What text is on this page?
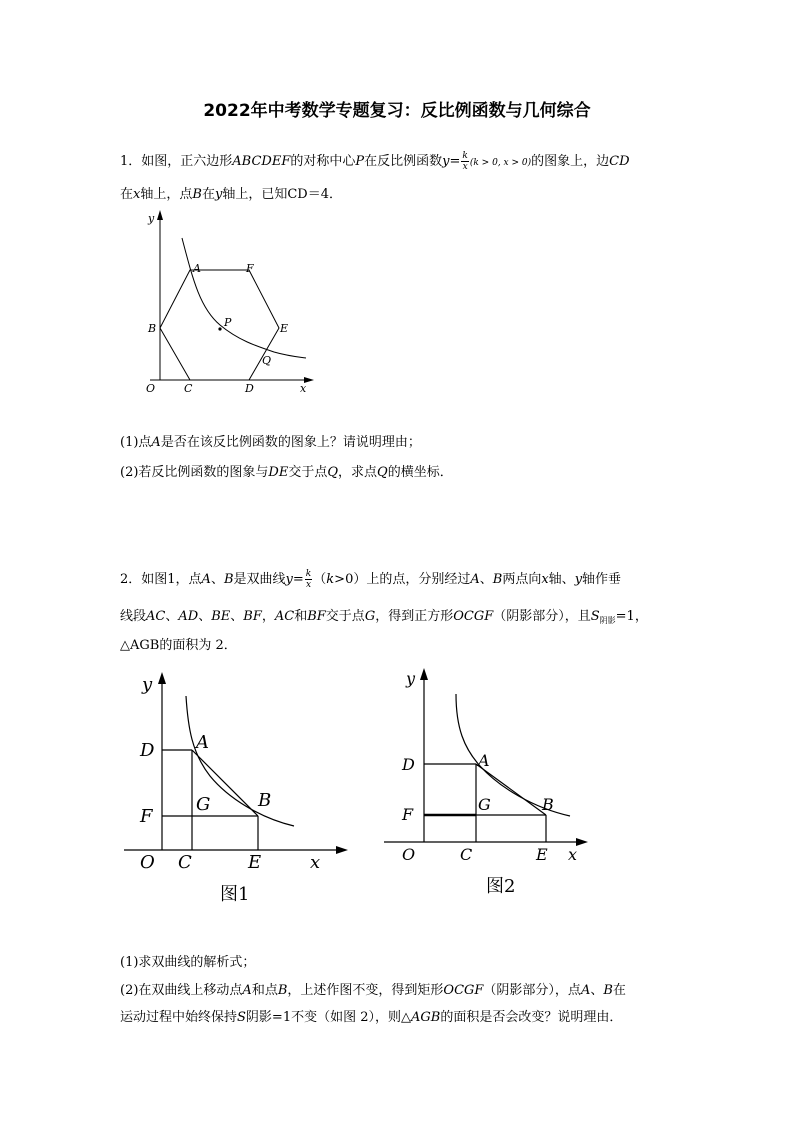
2022年中考数学专题复习：反比例函数与几何综合
1．如图，正六边形ABCDEF的对称中心P在反比例函数$y= \frac{k}{x} (k > 0$, x > 0)的图象上，边CD
在x轴上，点B在y轴上，已知CD＝4．
y
x
O
A	F
B	P	E
Q
C	D
(1)点A是否在该反比例函数的图象上？请说明理由；
(2)若反比例函数的图象与DE交于点Q，求点Q的横坐标．
2．如图1，点A、B是双曲线$y= \frac{k}{x} (k>0)$上的点，分别经过A、B两点向x轴、y轴作垂
线段AC、AD、BE、BF，AC和BF交于点G，得到正方形OCGF（阴影部分），且$S_{阴影}=1$，
△AGB的面积为 2．
y
x
O
D A
G	B
F
C	E
图1
y
x
O
D	A
G	B
F
C	E
图2
(1)求双曲线的解析式；
(2)在双曲线上移动点A和点B，上述作图不变，得到矩形OCGF（阴影部分），点A、B在
运动过程中始终保持S阴影=1不变（如图 2），则△AGB的面积是否会改变？说明理由．
